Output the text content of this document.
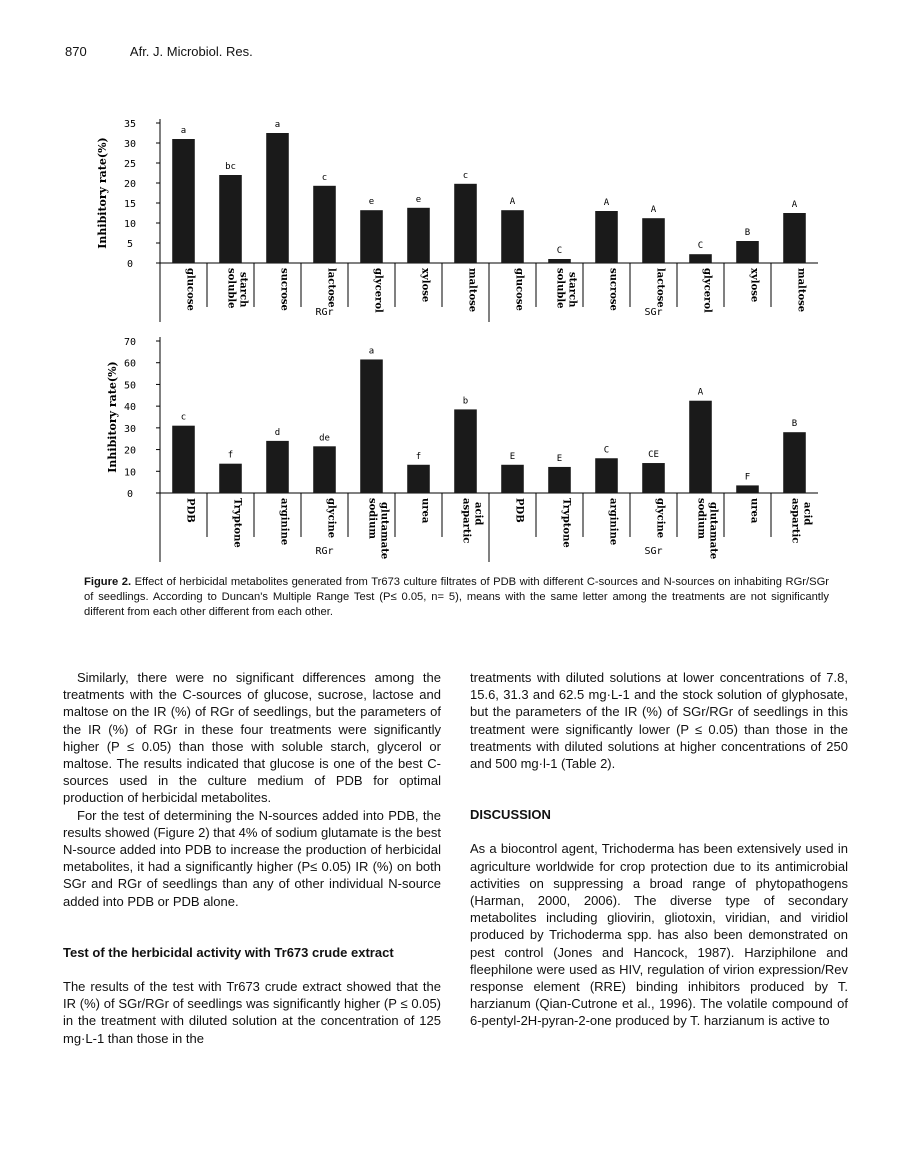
870	Afr. J. Microbiol. Res.
0
5
10
15
20
25
30
35
Inhibitory rate(%)
a
glucose
bc
soluble starch
a
sucrose
c
lactose
e
glycerol
e
xylose
c
maltose
A
glucose
C
soluble starch
A
sucrose
A
lactose
C
glycerol
B
xylose
A
maltose
RGr	SGr
0
10
20
30
40
50
60
70
Inhibitory rate(%)	c
PDB
f
Tryptone
d
arginine
de
glycine
a
sodium glutamate
f
urea
b
aspartic acid
E
PDB
E
Tryptone
C
arginine
CE
glycine
A
sodium glutamate
F
urea
B
aspartic acid
RGr	SGr
Figure 2. Effect of herbicidal metabolites generated from Tr673 culture filtrates of PDB with different C-sources and N-sources on inhabiting RGr/SGr of seedlings. According to Duncan's Multiple Range Test (P≤ 0.05, n= 5), means with the same letter among the treatments are not significantly different from each other different from each other.

Similarly, there were no significant differences among the treatments with the C-sources of glucose, sucrose, lactose and maltose on the IR (%) of RGr of seedlings, but the parameters of the IR (%) of RGr in these four treatments were significantly higher (P ≤ 0.05) than those with soluble starch, glycerol or maltose. The results indicated that glucose is one of the best C-sources used in the culture medium of PDB for optimal production of herbicidal metabolites.

For the test of determining the N-sources added into PDB, the results showed (Figure 2) that 4% of sodium glutamate is the best N-source added into PDB to increase the production of herbicidal metabolites, it had a significantly higher (P≤ 0.05) IR (%) on both SGr and RGr of seedlings than any of other individual N-source added into PDB or PDB alone.

Test of the herbicidal activity with Tr673 crude extract

The results of the test with Tr673 crude extract showed that the IR (%) of SGr/RGr of seedlings was significantly higher (P ≤ 0.05) in the treatment with diluted solution at the concentration of 125 mg·L-1 than those in the

treatments with diluted solutions at lower concentrations of 7.8, 15.6, 31.3 and 62.5 mg·L-1 and the stock solution of glyphosate, but the parameters of the IR (%) of SGr/RGr of seedlings in this treatment were significantly lower (P ≤ 0.05) than those in the treatments with diluted solutions at higher concentrations of 250 and 500 mg·l-1 (Table 2).

DISCUSSION

As a biocontrol agent, Trichoderma has been extensively used in agriculture worldwide for crop protection due to its antimicrobial activities on suppressing a broad range of phytopathogens (Harman, 2000, 2006). The diverse type of secondary metabolites including gliovirin, gliotoxin, viridian, and viridiol produced by Trichoderma spp. has also been demonstrated on pest control (Jones and Hancock, 1987). Harziphilone and fleephilone were used as HIV, regulation of virion expression/Rev response element (RRE) binding inhibitors produced by T. harzianum (Qian-Cutrone et al., 1996). The volatile compound of 6-pentyl-2H-pyran-2-one produced by T. harzianum is active to
